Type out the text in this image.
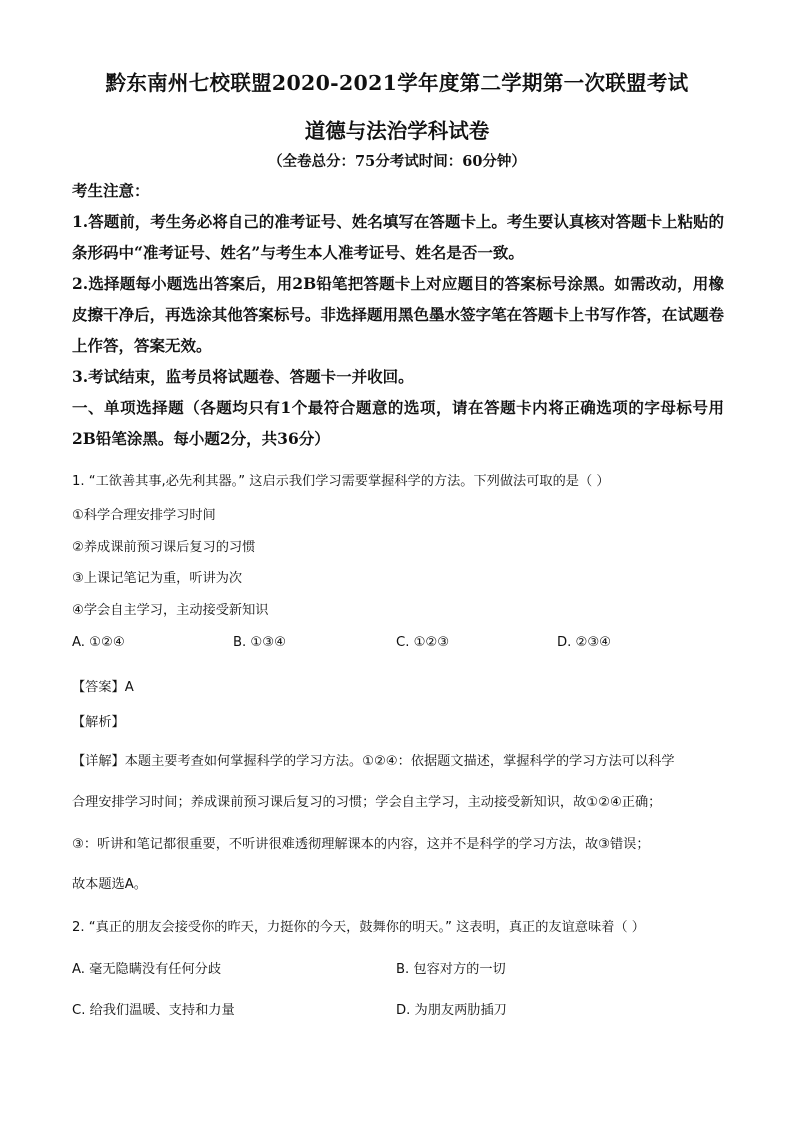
黔东南州七校联盟2020-2021学年度第二学期第一次联盟考试
道德与法治学科试卷
（全卷总分：75分考试时间：60分钟）

考生注意：

1.答题前，考生务必将自己的准考证号、姓名填写在答题卡上。考生要认真核对答题卡上粘贴的条形码中“准考证号、姓名”与考生本人准考证号、姓名是否一致。

2.选择题每小题选出答案后，用2B铅笔把答题卡上对应题目的答案标号涂黑。如需改动，用橡皮擦干净后，再选涂其他答案标号。非选择题用黑色墨水签字笔在答题卡上书写作答，在试题卷上作答，答案无效。

3.考试结束，监考员将试题卷、答题卡一并收回。

一、单项选择题（各题均只有1个最符合题意的选项，请在答题卡内将正确选项的字母标号用2B铅笔涂黑。每小题2分，共36分）

1. “工欲善其事,必先利其器。” 这启示我们学习需要掌握科学的方法。下列做法可取的是（ ）
①科学合理安排学习时间
②养成课前预习课后复习的习惯
③上课记笔记为重，听讲为次
④学会自主学习，主动接受新知识
A. ①②④	B. ①③④	C. ①②③	D. ②③④
【答案】A
【解析】
【详解】本题主要考查如何掌握科学的学习方法。①②④：依据题文描述，掌握科学的学习方法可以科学
合理安排学习时间；养成课前预习课后复习的习惯；学会自主学习，主动接受新知识，故①②④正确；
③：听讲和笔记都很重要，不听讲很难透彻理解课本的内容，这并不是科学的学习方法，故③错误；
故本题选A。
2. “真正的朋友会接受你的昨天，力挺你的今天，鼓舞你的明天。” 这表明，真正的友谊意味着（ ）
A. 毫无隐瞒没有任何分歧	B. 包容对方的一切
C. 给我们温暖、支持和力量	D. 为朋友两肋插刀
